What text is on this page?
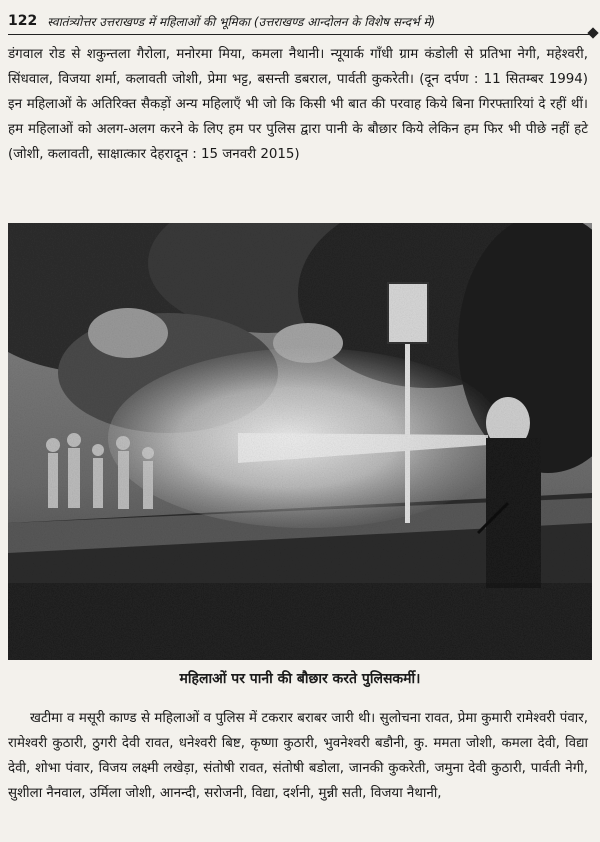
122 स्वातंत्र्योत्तर उत्तराखण्ड में महिलाओं की भूमिका (उत्तराखण्ड आन्दोलन के विशेष सन्दर्भ में)

डंगवाल रोड से शकुन्तला गैरोला, मनोरमा मिया, कमला नैथानी। न्यूयार्क गाँधी ग्राम कंडोली से प्रतिभा नेगी, महेश्वरी, सिंधवाल, विजया शर्मा, कलावती जोशी, प्रेमा भट्ट, बसन्ती डबराल, पार्वती कुकरेती। (दून दर्पण : 11 सितम्बर 1994) इन महिलाओं के अतिरिक्त सैकड़ों अन्य महिलाएँ भी जो कि किसी भी बात की परवाह किये बिना गिरफ्तारियां दे रहीं थीं। हम महिलाओं को अलग-अलग करने के लिए हम पर पुलिस द्वारा पानी के बौछार किये लेकिन हम फिर भी पीछे नहीं हटे (जोशी, कलावती, साक्षात्कार देहरादून : 15 जनवरी 2015)

महिलाओं पर पानी की बौछार करते पुलिसकर्मी।

खटीमा व मसूरी काण्ड से महिलाओं व पुलिस में टकरार बराबर जारी थी। सुलोचना रावत, प्रेमा कुमारी रामेश्वरी पंवार, रामेश्वरी कुठारी, ठुगरी देवी रावत, धनेश्वरी बिष्ट, कृष्णा कुठारी, भुवनेश्वरी बडौनी, कु. ममता जोशी, कमला देवी, विद्या देवी, शोभा पंवार, विजय लक्ष्मी लखेड़ा, संतोषी रावत, संतोषी बडोला, जानकी कुकरेती, जमुना देवी कुठारी, पार्वती नेगी, सुशीला नैनवाल, उर्मिला जोशी, आनन्दी, सरोजनी, विद्या, दर्शनी, मुन्नी सती, विजया नैथानी,
